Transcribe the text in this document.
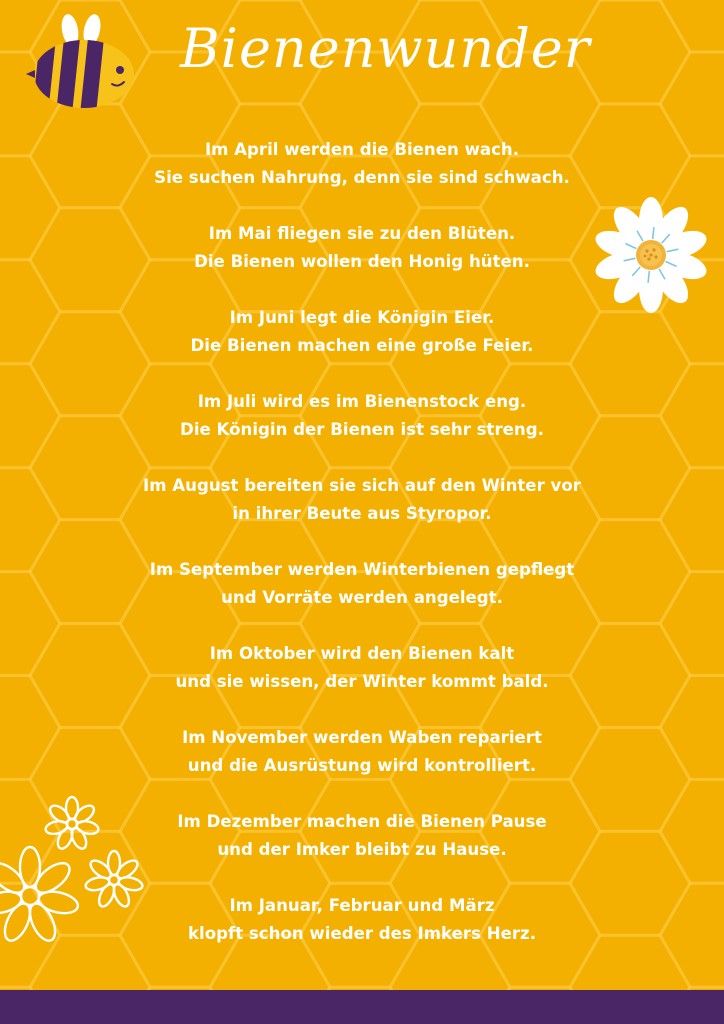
Bienenwunder
Im April werden die Bienen wach.
Sie suchen Nahrung, denn sie sind schwach.
Im Mai fliegen sie zu den Blüten.
Die Bienen wollen den Honig hüten.
Im Juni legt die Königin Eier.
Die Bienen machen eine große Feier.
Im Juli wird es im Bienenstock eng.
Die Königin der Bienen ist sehr streng.
Im August bereiten sie sich auf den Winter vor
in ihrer Beute aus Styropor.
Im September werden Winterbienen gepflegt
und Vorräte werden angelegt.
Im Oktober wird den Bienen kalt
und sie wissen, der Winter kommt bald.
Im November werden Waben repariert
und die Ausrüstung wird kontrolliert.
Im Dezember machen die Bienen Pause
und der Imker bleibt zu Hause.
Im Januar, Februar und März
klopft schon wieder des Imkers Herz.
